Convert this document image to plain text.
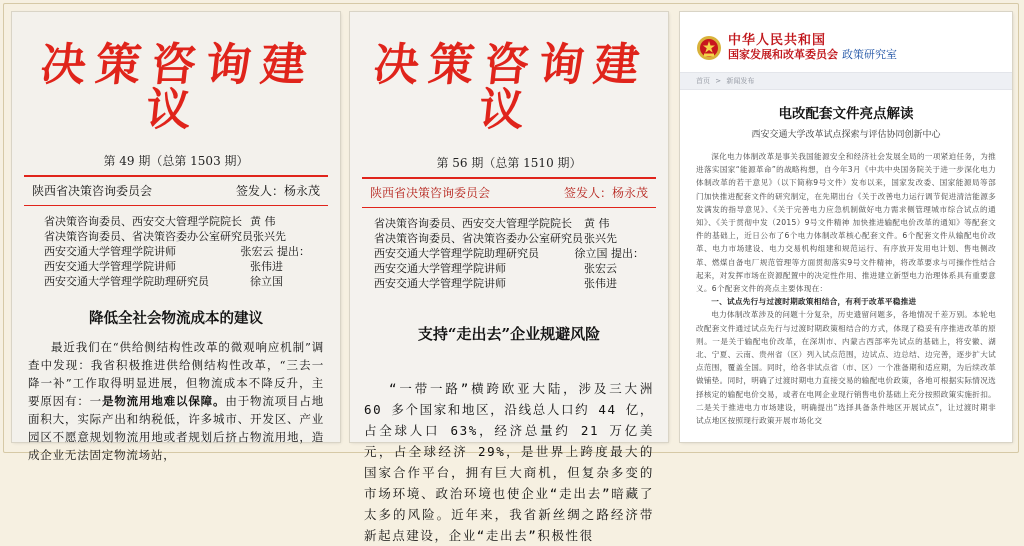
决策咨询建议
第 49 期（总第 1503 期）
陕西省决策咨询委员会	签发人：杨永茂
省决策咨询委员、西安交大管理学院院长 黄 伟
省决策咨询委员、省决策咨委办公室研究员 张兴先
西安交通大学管理学院讲师	张宏云 提出：
西安交通大学管理学院讲师	张伟进
西安交通大学管理学院助理研究员	徐立国
降低全社会物流成本的建议

最近我们在“供给侧结构性改革的微观响应机制”调查中发现：我省积极推进供给侧结构性改革，“三去一降一补”工作取得明显进展，但物流成本不降反升，主要原因有：一是物流用地难以保障。由于物流项目占地面积大，实际产出和纳税低，许多城市、开发区、产业园区不愿意规划物流用地或者规划后挤占物流用地，造成企业无法固定物流场站，

决策咨询建议
第 56 期（总第 1510 期）
陕西省决策咨询委员会	签发人：杨永茂
省决策咨询委员、西安交大管理学院院长 黄 伟
省决策咨询委员、省决策咨委办公室研究员 张兴先
西安交通大学管理学院助理研究员	徐立国 提出：
西安交通大学管理学院讲师	张宏云
西安交通大学管理学院讲师	张伟进
支持“走出去”企业规避风险

“一带一路”横跨欧亚大陆，涉及三大洲 60 多个国家和地区，沿线总人口约 44 亿，占全球人口 63%，经济总量约 21 万亿美元，占全球经济 29%，是世界上跨度最大的国家合作平台，拥有巨大商机，但复杂多变的市场环境、政治环境也使企业“走出去”暗藏了太多的风险。近年来，我省新丝绸之路经济带新起点建设，企业“走出去”积极性很

中华人民共和国
国家发展和改革委员会 政策研究室
首页 > 新闻发布
电改配套文件亮点解读
西安交通大学改革试点探索与评估协同创新中心

深化电力体制改革是事关我国能源安全和经济社会发展全局的一项紧迫任务，为推进落实国家“能源革命”的战略构想，自今年3月《中共中央国务院关于进一步深化电力体制改革的若干意见》（以下简称9号文件）发布以来，国家发改委、国家能源局等部门加快推进配套文件的研究制定，在先期出台《关于改善电力运行调节促进清洁能源多发满发的指导意见》、《关于完善电力应急机制做好电力需求侧管理城市综合试点的通知》、《关于贯彻中发（2015）9号文件精神 加快推进输配电价改革的通知》等配套文件的基础上，近日公布了6个电力体制改革核心配套文件。6个配套文件从输配电价改革、电力市场建设、电力交易机构组建和规范运行、有序放开发用电计划、售电侧改革、燃煤自备电厂规范管理等方面贯彻落实9号文件精神，将改革要求与可操作性结合起来，对发挥市场在资源配置中的决定性作用、推进建立新型电力治理体系具有重要意义。6个配套文件的亮点主要体现在：

一、试点先行与过渡时期政策相结合，有利于改革平稳推进

电力体制改革涉及的问题十分复杂，历史遗留问题多，各地情况千差万别。本轮电改配套文件通过试点先行与过渡时期政策相结合的方式，体现了稳妥有序推进改革的原则。一是关于输配电价改革，在深圳市、内蒙古西部率先试点的基础上，将安徽、湖北、宁夏、云南、贵州省（区）列入试点范围，边试点、边总结、边完善，逐步扩大试点范围，覆盖全国。同时，给各非试点省（市、区）一个准备期和适应期，为后续改革做铺垫。同时，明确了过渡时期电力直接交易的输配电价政策，各地可根据实际情况选择核定的输配电价交易，或者在电网企业现行销售电价基础上充分按照政策实施折扣。二是关于推进电力市场建设，明确提出“选择具备条件地区开展试点”，让过渡时期非试点地区按照现行政策开展市场化交
